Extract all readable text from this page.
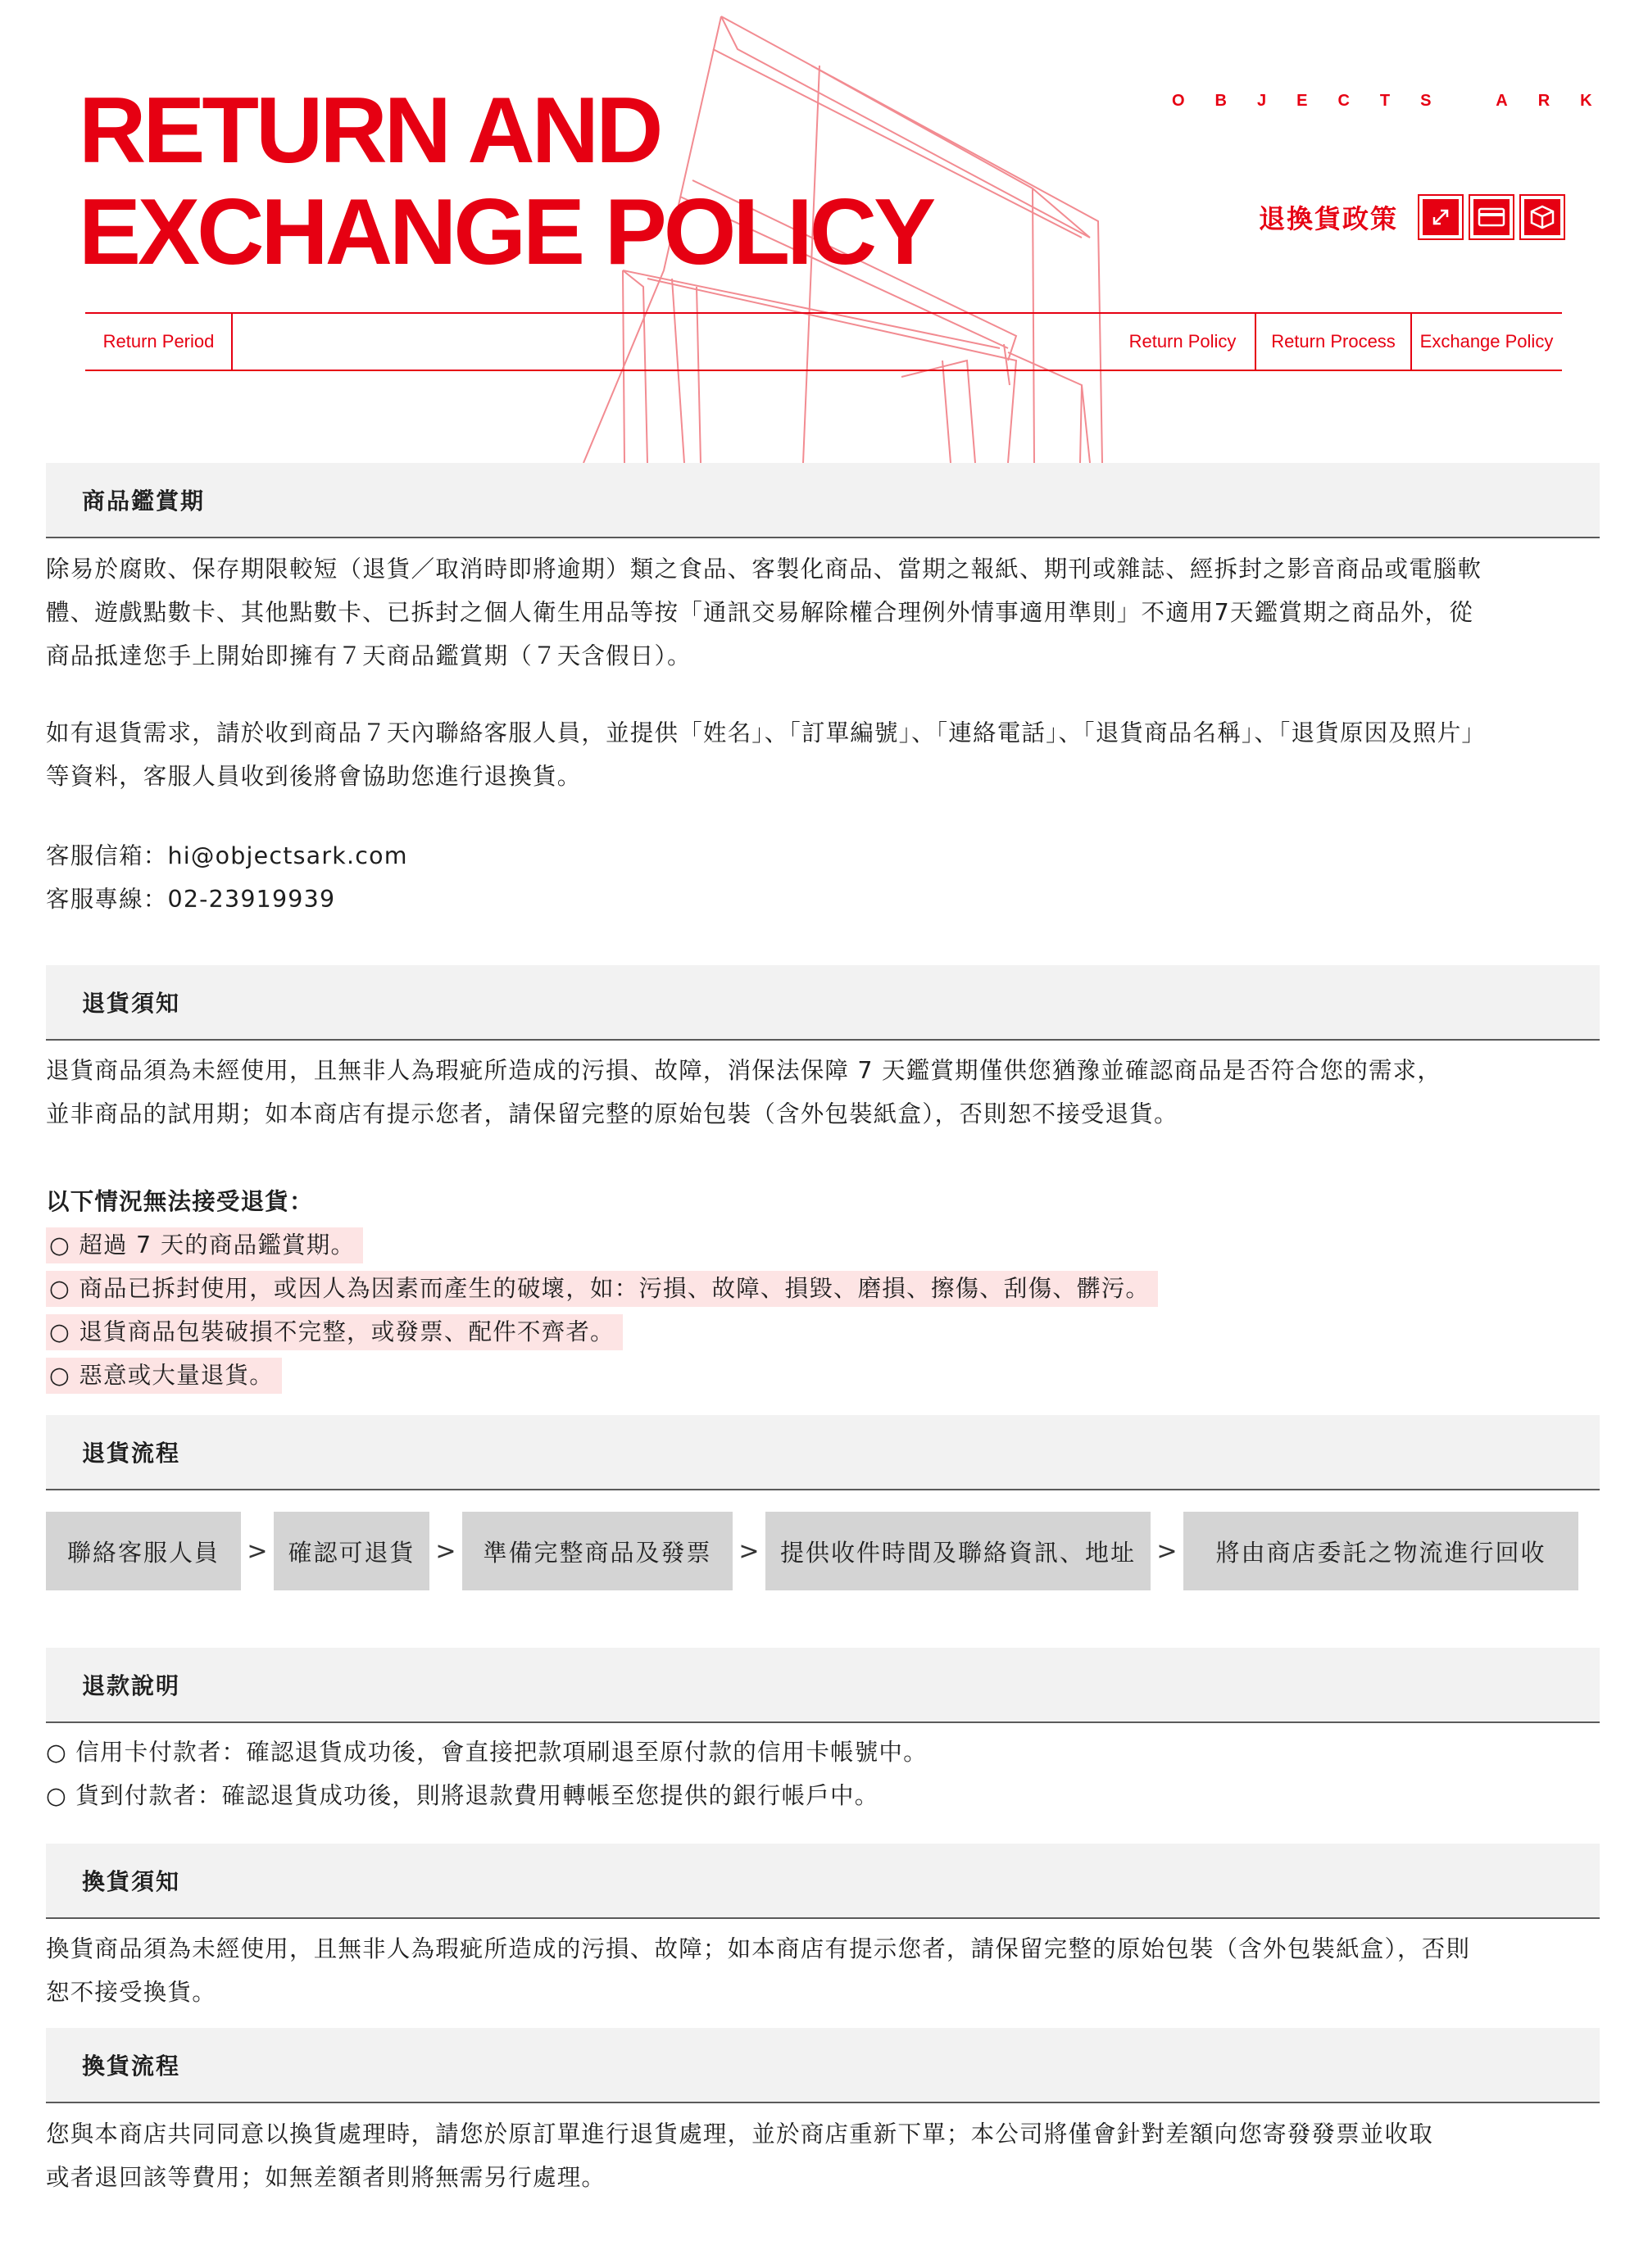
RETURN AND
EXCHANGE POLICY
OBJECTS ARK
退換貨政策
Return Period	Return Policy	Return Process	Exchange Policy
商品鑑賞期
除易於腐敗、保存期限較短（退貨／取消時即將逾期）類之食品、客製化商品、當期之報紙、期刊或雜誌、經拆封之影音商品或電腦軟
體、遊戲點數卡、其他點數卡、已拆封之個人衛生用品等按「通訊交易解除權合理例外情事適用準則」不適用7天鑑賞期之商品外，從
商品抵達您手上開始即擁有７天商品鑑賞期（７天含假日）。
如有退貨需求，請於收到商品７天內聯絡客服人員，並提供「姓名」、「訂單編號」、「連絡電話」、「退貨商品名稱」、「退貨原因及照片」
等資料，客服人員收到後將會協助您進行退換貨。
客服信箱：hi@objectsark.com
客服專線：02-23919939
退貨須知
退貨商品須為未經使用，且無非人為瑕疵所造成的污損、故障，消保法保障 7 天鑑賞期僅供您猶豫並確認商品是否符合您的需求，
並非商品的試用期；如本商店有提示您者，請保留完整的原始包裝（含外包裝紙盒），否則恕不接受退貨。
以下情況無法接受退貨：
○ 超過 7 天的商品鑑賞期。
○ 商品已拆封使用，或因人為因素而產生的破壞，如：污損、故障、損毀、磨損、擦傷、刮傷、髒污。
○ 退貨商品包裝破損不完整，或發票、配件不齊者。
○ 惡意或大量退貨。
退貨流程
聯絡客服人員	> 確認可退貨 >	準備完整商品及發票	> 提供收件時間及聯絡資訊、地址 >	將由商店委託之物流進行回收
退款說明
○ 信用卡付款者：確認退貨成功後，會直接把款項刷退至原付款的信用卡帳號中。
○ 貨到付款者：確認退貨成功後，則將退款費用轉帳至您提供的銀行帳戶中。
換貨須知
換貨商品須為未經使用，且無非人為瑕疵所造成的污損、故障；如本商店有提示您者，請保留完整的原始包裝（含外包裝紙盒），否則
恕不接受換貨。
換貨流程
您與本商店共同同意以換貨處理時，請您於原訂單進行退貨處理，並於商店重新下單；本公司將僅會針對差額向您寄發發票並收取
或者退回該等費用；如無差額者則將無需另行處理。
